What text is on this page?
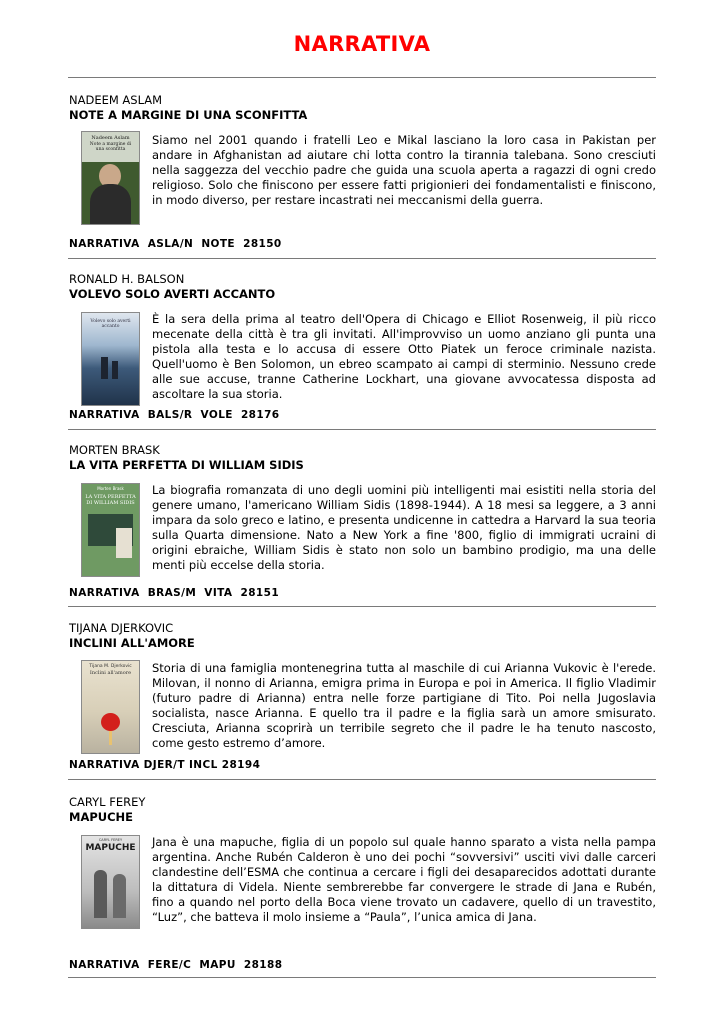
NARRATIVA
NADEEM ASLAM
NOTE A MARGINE DI UNA SCONFITTA
Nadeem Aslam
Note a margine di una sconfitta
Siamo nel 2001 quando i fratelli Leo e Mikal lasciano la loro casa in Pakistan per andare in Afghanistan ad aiutare chi lotta contro la tirannia talebana. Sono cresciuti nella saggezza del vecchio padre che guida una scuola aperta a ragazzi di ogni credo religioso. Solo che finiscono per essere fatti prigionieri dei fondamentalisti e finiscono, in modo diverso, per restare incastrati nei meccanismi della guerra.
NARRATIVA  ASLA/N  NOTE  28150
RONALD H. BALSON
VOLEVO SOLO AVERTI ACCANTO
Volevo solo averti accanto
È la sera della prima al teatro dell'Opera di Chicago e Elliot Rosenweig, il più ricco mecenate della città è tra gli invitati. All'improvviso un uomo anziano gli punta una pistola alla testa e lo accusa di essere Otto Piatek un feroce criminale nazista. Quell'uomo è Ben Solomon, un ebreo scampato ai campi di sterminio. Nessuno crede alle sue accuse, tranne Catherine Lockhart, una giovane avvocatessa disposta ad ascoltare la sua storia.
NARRATIVA  BALS/R  VOLE  28176
MORTEN BRASK
LA VITA PERFETTA DI WILLIAM SIDIS
Morten Brask
LA VITA PERFETTA DI WILLIAM SIDIS
La biografia romanzata di uno degli uomini più intelligenti mai esistiti nella storia del genere umano, l'americano William Sidis (1898-1944). A 18 mesi sa leggere, a 3 anni impara da solo greco e latino, e presenta undicenne in cattedra a Harvard la sua teoria sulla Quarta dimensione. Nato a New York a fine '800, figlio di immigrati ucraini di origini ebraiche, William Sidis è stato non solo un bambino prodigio, ma una delle menti più eccelse della storia.
NARRATIVA  BRAS/M  VITA  28151
TIJANA DJERKOVIC
INCLINI ALL'AMORE
Tijana M. Djerkovic
Inclini all'amore	Storia di una famiglia montenegrina tutta al maschile di cui Arianna Vukovic è l'erede. Milovan, il nonno di Arianna, emigra prima in Europa e poi in America. Il figlio Vladimir (futuro padre di Arianna) entra nelle forze partigiane di Tito. Poi nella Jugoslavia socialista, nasce Arianna. E quello tra il padre e la figlia sarà un amore smisurato. Cresciuta, Arianna scoprirà un terribile segreto che il padre le ha tenuto nascosto, come gesto estremo d’amore.
NARRATIVA DJER/T INCL 28194
CARYL FEREY
MAPUCHE
CARYL FEREY
MAPUCHE Jana è una mapuche, figlia di un popolo sul quale hanno sparato a vista nella pampa argentina. Anche Rubén Calderon è uno dei pochi “sovversivi” usciti vivi dalle carceri clandestine dell’ESMA che continua a cercare i figli dei desaparecidos adottati durante la dittatura di Videla. Niente sembrerebbe far convergere le strade di Jana e Rubén, fino a quando nel porto della Boca viene trovato un cadavere, quello di un travestito, “Luz”, che batteva il molo insieme a “Paula”, l’unica amica di Jana.
NARRATIVA  FERE/C  MAPU  28188
